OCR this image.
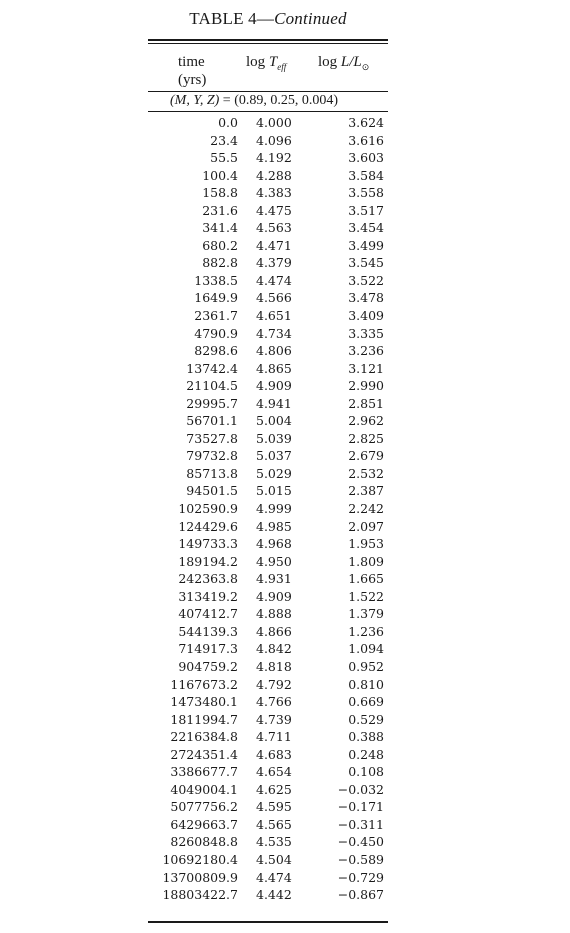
TABLE 4—Continued
time
(yrs)
$\log T_{eff}$ $\log L/L_⊙$
(M, Y, Z) = (0.89, 0.25, 0.004)
0.0 4.000	3.624
23.4 4.096	3.616
55.5 4.192	3.603
100.4 4.288	3.584
158.8 4.383	3.558
231.6 4.475	3.517
341.4 4.563	3.454
680.2 4.471	3.499
882.8 4.379	3.545
1338.5 4.474	3.522
1649.9 4.566	3.478
2361.7 4.651	3.409
4790.9 4.734	3.335
8298.6 4.806	3.236
13742.4 4.865	3.121
21104.5 4.909	2.990
29995.7 4.941	2.851
56701.1 5.004	2.962
73527.8 5.039	2.825
79732.8 5.037	2.679
85713.8 5.029	2.532
94501.5 5.015	2.387
102590.9 4.999	2.242
124429.6 4.985	2.097
149733.3 4.968	1.953
189194.2 4.950	1.809
242363.8 4.931	1.665
313419.2 4.909	1.522
407412.7 4.888	1.379
544139.3 4.866	1.236
714917.3 4.842	1.094
904759.2 4.818	0.952
1167673.2 4.792	0.810
1473480.1 4.766	0.669
1811994.7 4.739	0.529
2216384.8 4.711	0.388
2724351.4 4.683	0.248
3386677.7 4.654	0.108
4049004.1 4.625	−0.032
5077756.2 4.595	−0.171
6429663.7 4.565	−0.311
8260848.8 4.535	−0.450
10692180.4 4.504	−0.589
13700809.9 4.474	−0.729
18803422.7 4.442	−0.867
